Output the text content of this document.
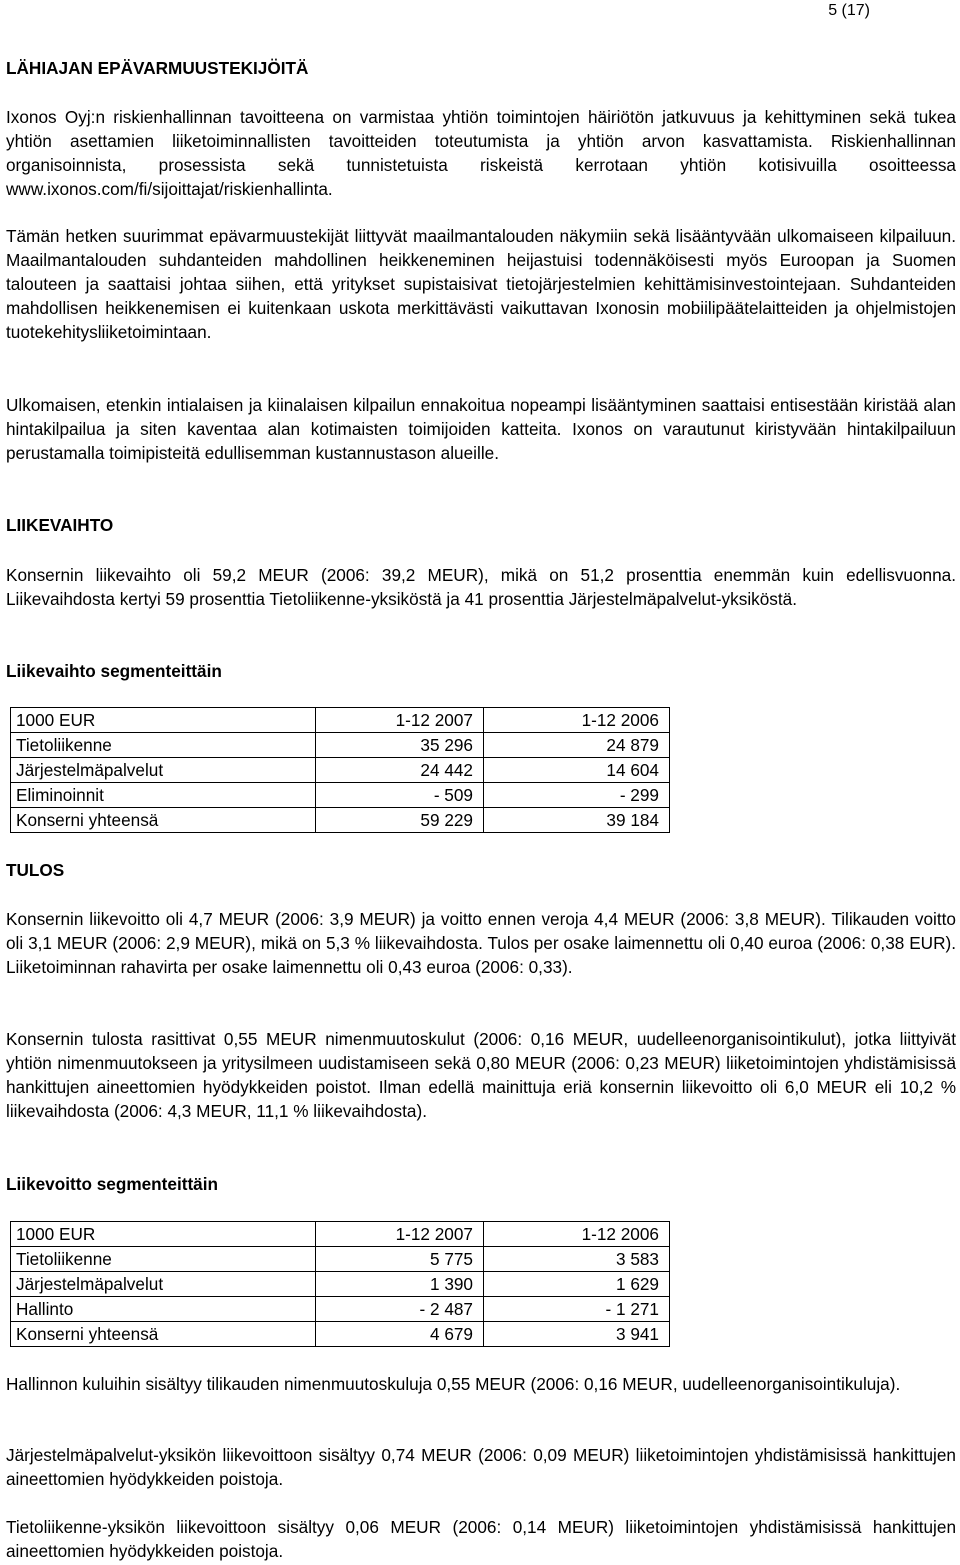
5 (17)

LÄHIAJAN EPÄVARMUUSTEKIJÖITÄ

Ixonos Oyj:n riskienhallinnan tavoitteena on varmistaa yhtiön toimintojen häiriötön jatkuvuus ja kehittyminen sekä tukea yhtiön asettamien liiketoiminnallisten tavoitteiden toteutumista ja yhtiön arvon kasvattamista. Riskienhallinnan organisoinnista, prosessista sekä tunnistetuista riskeistä kerrotaan yhtiön kotisivuilla osoitteessa www.ixonos.com/fi/sijoittajat/riskienhallinta.

Tämän hetken suurimmat epävarmuustekijät liittyvät maailmantalouden näkymiin sekä lisääntyvään ulkomaiseen kilpailuun. Maailmantalouden suhdanteiden mahdollinen heikkeneminen heijastuisi todennäköisesti myös Euroopan ja Suomen talouteen ja saattaisi johtaa siihen, että yritykset supistaisivat tietojärjestelmien kehittämisinvestointejaan. Suhdanteiden mahdollisen heikkenemisen ei kuitenkaan uskota merkittävästi vaikuttavan Ixonosin mobiilipäätelaitteiden ja ohjelmistojen tuotekehitysliiketoimintaan.

Ulkomaisen, etenkin intialaisen ja kiinalaisen kilpailun ennakoitua nopeampi lisääntyminen saattaisi entisestään kiristää alan hintakilpailua ja siten kaventaa alan kotimaisten toimijoiden katteita. Ixonos on varautunut kiristyvään hintakilpailuun perustamalla toimipisteitä edullisemman kustannustason alueille.

LIIKEVAIHTO

Konsernin liikevaihto oli 59,2 MEUR (2006: 39,2 MEUR), mikä on 51,2 prosenttia enemmän kuin edellisvuonna. Liikevaihdosta kertyi 59 prosenttia Tietoliikenne-yksiköstä ja 41 prosenttia Järjestelmäpalvelut-yksiköstä.

Liikevaihto segmenteittäin

1000 EUR	1-12 2007	1-12 2006
Tietoliikenne	35 296	24 879
Järjestelmäpalvelut	24 442	14 604
Eliminoinnit	- 509	- 299
Konserni yhteensä	59 229	39 184

TULOS

Konsernin liikevoitto oli 4,7 MEUR (2006: 3,9 MEUR) ja voitto ennen veroja 4,4 MEUR (2006: 3,8 MEUR). Tilikauden voitto oli 3,1 MEUR (2006: 2,9 MEUR), mikä on 5,3 % liikevaihdosta. Tulos per osake laimennettu oli 0,40 euroa (2006: 0,38 EUR). Liiketoiminnan rahavirta per osake laimennettu oli 0,43 euroa (2006: 0,33).

Konsernin tulosta rasittivat 0,55 MEUR nimenmuutoskulut (2006: 0,16 MEUR, uudelleenorganisointikulut), jotka liittyivät yhtiön nimenmuutokseen ja yritysilmeen uudistamiseen sekä 0,80 MEUR (2006: 0,23 MEUR) liiketoimintojen yhdistämisissä hankittujen aineettomien hyödykkeiden poistot. Ilman edellä mainittuja eriä konsernin liikevoitto oli 6,0 MEUR eli 10,2 % liikevaihdosta (2006: 4,3 MEUR, 11,1 % liikevaihdosta).

Liikevoitto segmenteittäin

1000 EUR	1-12 2007	1-12 2006
Tietoliikenne	5 775	3 583
Järjestelmäpalvelut	1 390	1 629
Hallinto	- 2 487	- 1 271
Konserni yhteensä	4 679	3 941

Hallinnon kuluihin sisältyy tilikauden nimenmuutoskuluja 0,55 MEUR (2006: 0,16 MEUR, uudelleenorganisointikuluja).

Järjestelmäpalvelut-yksikön liikevoittoon sisältyy 0,74 MEUR (2006: 0,09 MEUR) liiketoimintojen yhdistämisissä hankittujen aineettomien hyödykkeiden poistoja.

Tietoliikenne-yksikön liikevoittoon sisältyy 0,06 MEUR (2006: 0,14 MEUR) liiketoimintojen yhdistämisissä hankittujen aineettomien hyödykkeiden poistoja.
